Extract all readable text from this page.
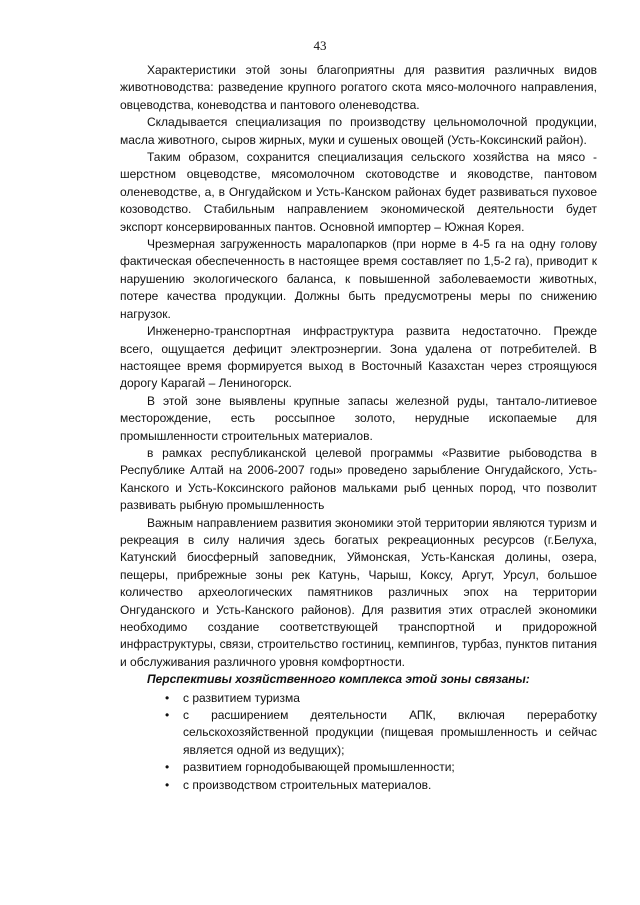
43

Характеристики этой зоны благоприятны для развития различных видов животноводства: разведение крупного рогатого скота мясо-молочного направления, овцеводства, коневодства и пантового оленеводства.

Складывается специализация по производству цельномолочной продукции, масла животного, сыров жирных, муки и сушеных овощей (Усть-Коксинский район).

Таким образом, сохранится специализация сельского хозяйства на мясо - шерстном овцеводстве, мясомолочном скотоводстве и яководстве, пантовом оленеводстве, а, в Онгудайском и Усть-Канском районах будет развиваться пуховое козоводство. Стабильным направлением экономической деятельности будет экспорт консервированных пантов. Основной импортер – Южная Корея.

Чрезмерная загруженность маралопарков (при норме в 4-5 га на одну голову фактическая обеспеченность в настоящее время составляет по 1,5-2 га), приводит к нарушению экологического баланса, к повышенной заболеваемости животных, потере качества продукции. Должны быть предусмотрены меры по снижению нагрузок.

Инженерно-транспортная инфраструктура развита недостаточно. Прежде всего, ощущается дефицит электроэнергии. Зона удалена от потребителей. В настоящее время формируется выход в Восточный Казахстан через строящуюся дорогу Карагай – Лениногорск.

В этой зоне выявлены крупные запасы железной руды, тантало-литиевое месторождение, есть россыпное золото, нерудные ископаемые для промышленности строительных материалов.

в рамках республиканской целевой программы «Развитие рыбоводства в Республике Алтай на 2006-2007 годы» проведено зарыбление Онгудайского, Усть-Канского и Усть-Коксинского районов мальками рыб ценных пород, что позволит развивать рыбную промышленность

Важным направлением развития экономики этой территории являются туризм и рекреация в силу наличия здесь богатых рекреационных ресурсов (г.Белуха, Катунский биосферный заповедник, Уймонская, Усть-Канская долины, озера, пещеры, прибрежные зоны рек Катунь, Чарыш, Коксу, Аргут, Урсул, большое количество археологических памятников различных эпох на территории Онгуданского и Усть-Канского районов). Для развития этих отраслей экономики необходимо создание соответствующей транспортной и придорожной инфраструктуры, связи, строительство гостиниц, кемпингов, турбаз, пунктов питания и обслуживания различного уровня комфортности.

Перспективы хозяйственного комплекса этой зоны связаны:

• с развитием туризма
• с расширением деятельности АПК, включая переработку сельскохозяйственной продукции (пищевая промышленность и сейчас является одной из ведущих);
• развитием горнодобывающей промышленности;
• с производством строительных материалов.
